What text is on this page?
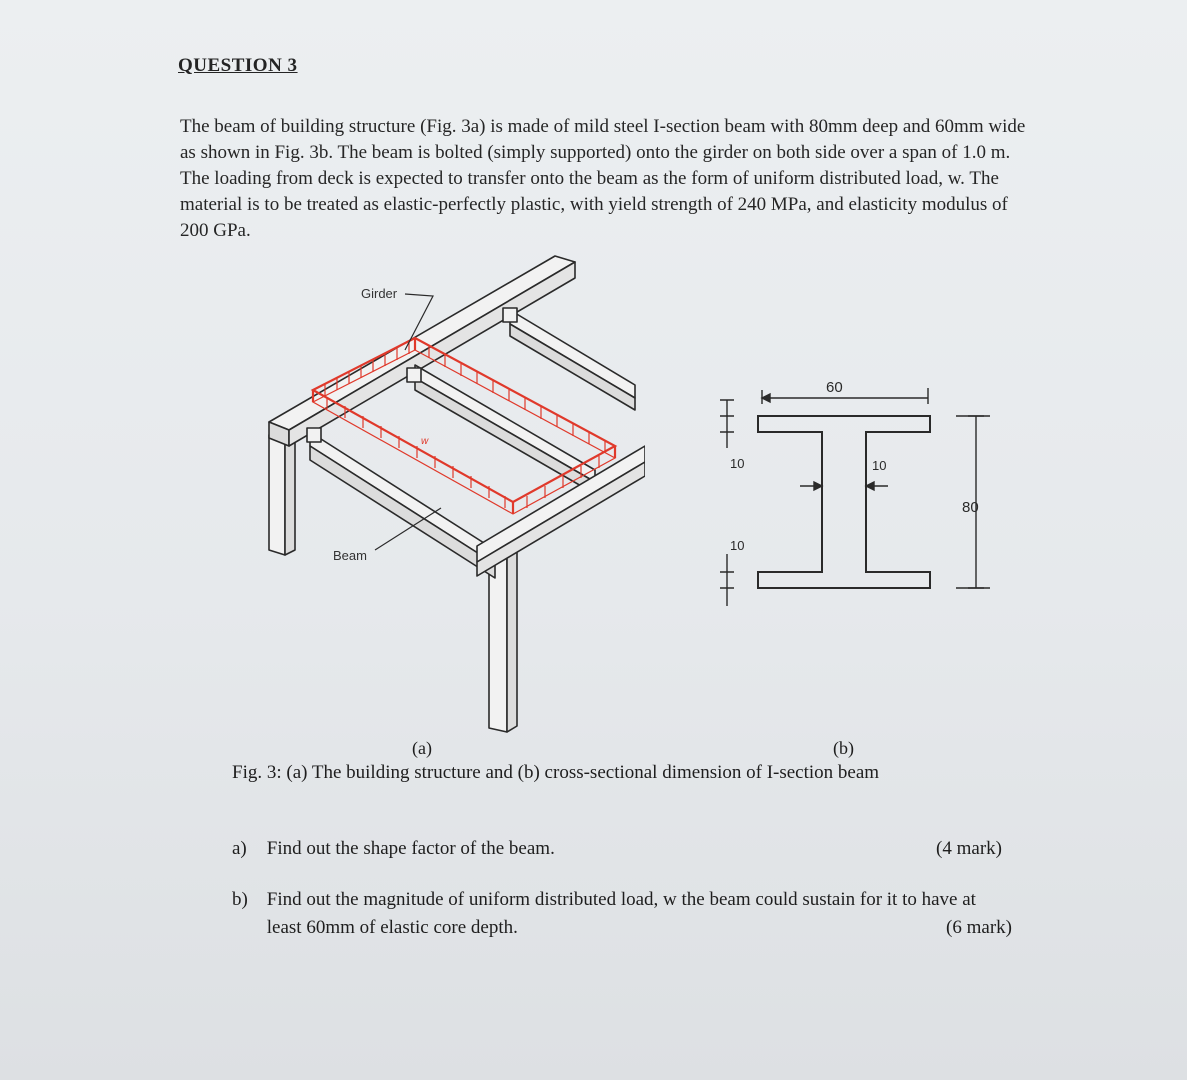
QUESTION 3
The beam of building structure (Fig. 3a) is made of mild steel I-section beam with 80mm deep and 60mm wide as shown in Fig. 3b. The beam is bolted (simply supported) onto the girder on both side over a span of 1.0 m. The loading from deck is expected to transfer onto the beam as the form of uniform distributed load, w. The material is to be treated as elastic-perfectly plastic, with yield strength of 240 MPa, and elasticity modulus of 200 GPa.
Girder
Beam
w
(a)
60
80
10	10
10
(b)
Fig. 3: (a) The building structure and (b) cross-sectional dimension of I-section beam
a) Find out the shape factor of the beam.	(4 mark)
b) Find out the magnitude of uniform distributed load, w the beam could sustain for it to have at least 60mm of elastic core depth.	(6 mark)
